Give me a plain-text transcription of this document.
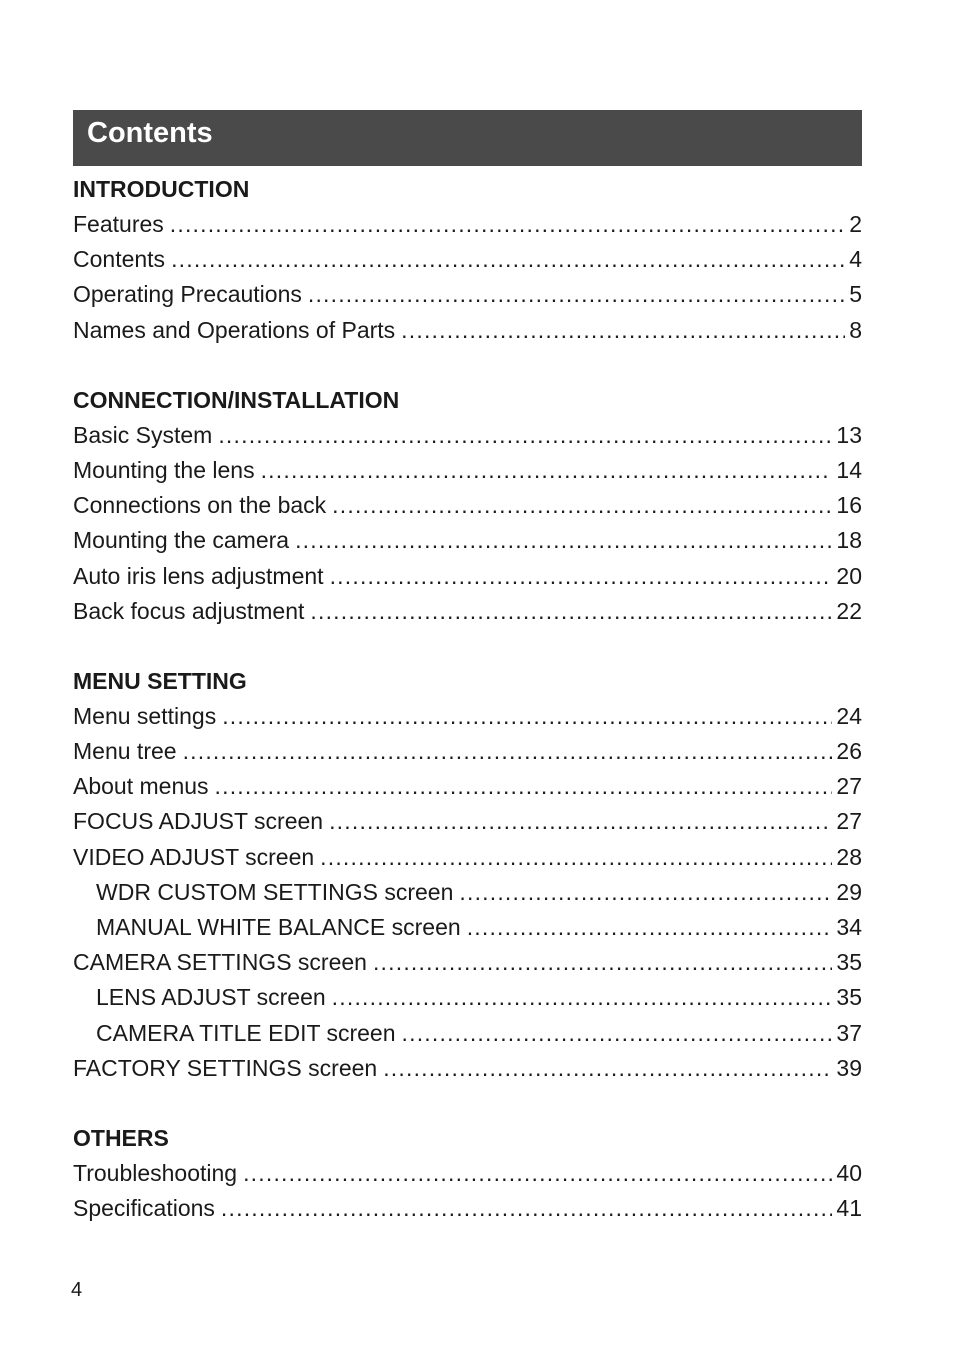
Contents
INTRODUCTION
Features .....	2
Contents .....	4
Operating Precautions .....	5
Names and Operations of Parts .....	8
CONNECTION/INSTALLATION
Basic System .....	13
Mounting the lens .....	14
Connections on the back .....	16
Mounting the camera .....	18
Auto iris lens adjustment .....	20
Back focus adjustment .....	22
MENU SETTING
Menu settings .....	24
Menu tree .....	26
About menus .....	27
FOCUS ADJUST screen .....	27
VIDEO ADJUST screen .....	28
WDR CUSTOM SETTINGS screen .....	29
MANUAL WHITE BALANCE screen .....	34
CAMERA SETTINGS screen .....	35
LENS ADJUST screen .....	35
CAMERA TITLE EDIT screen .....	37
FACTORY SETTINGS screen .....	39
OTHERS
Troubleshooting .....	40
Specifications .....	41
4
